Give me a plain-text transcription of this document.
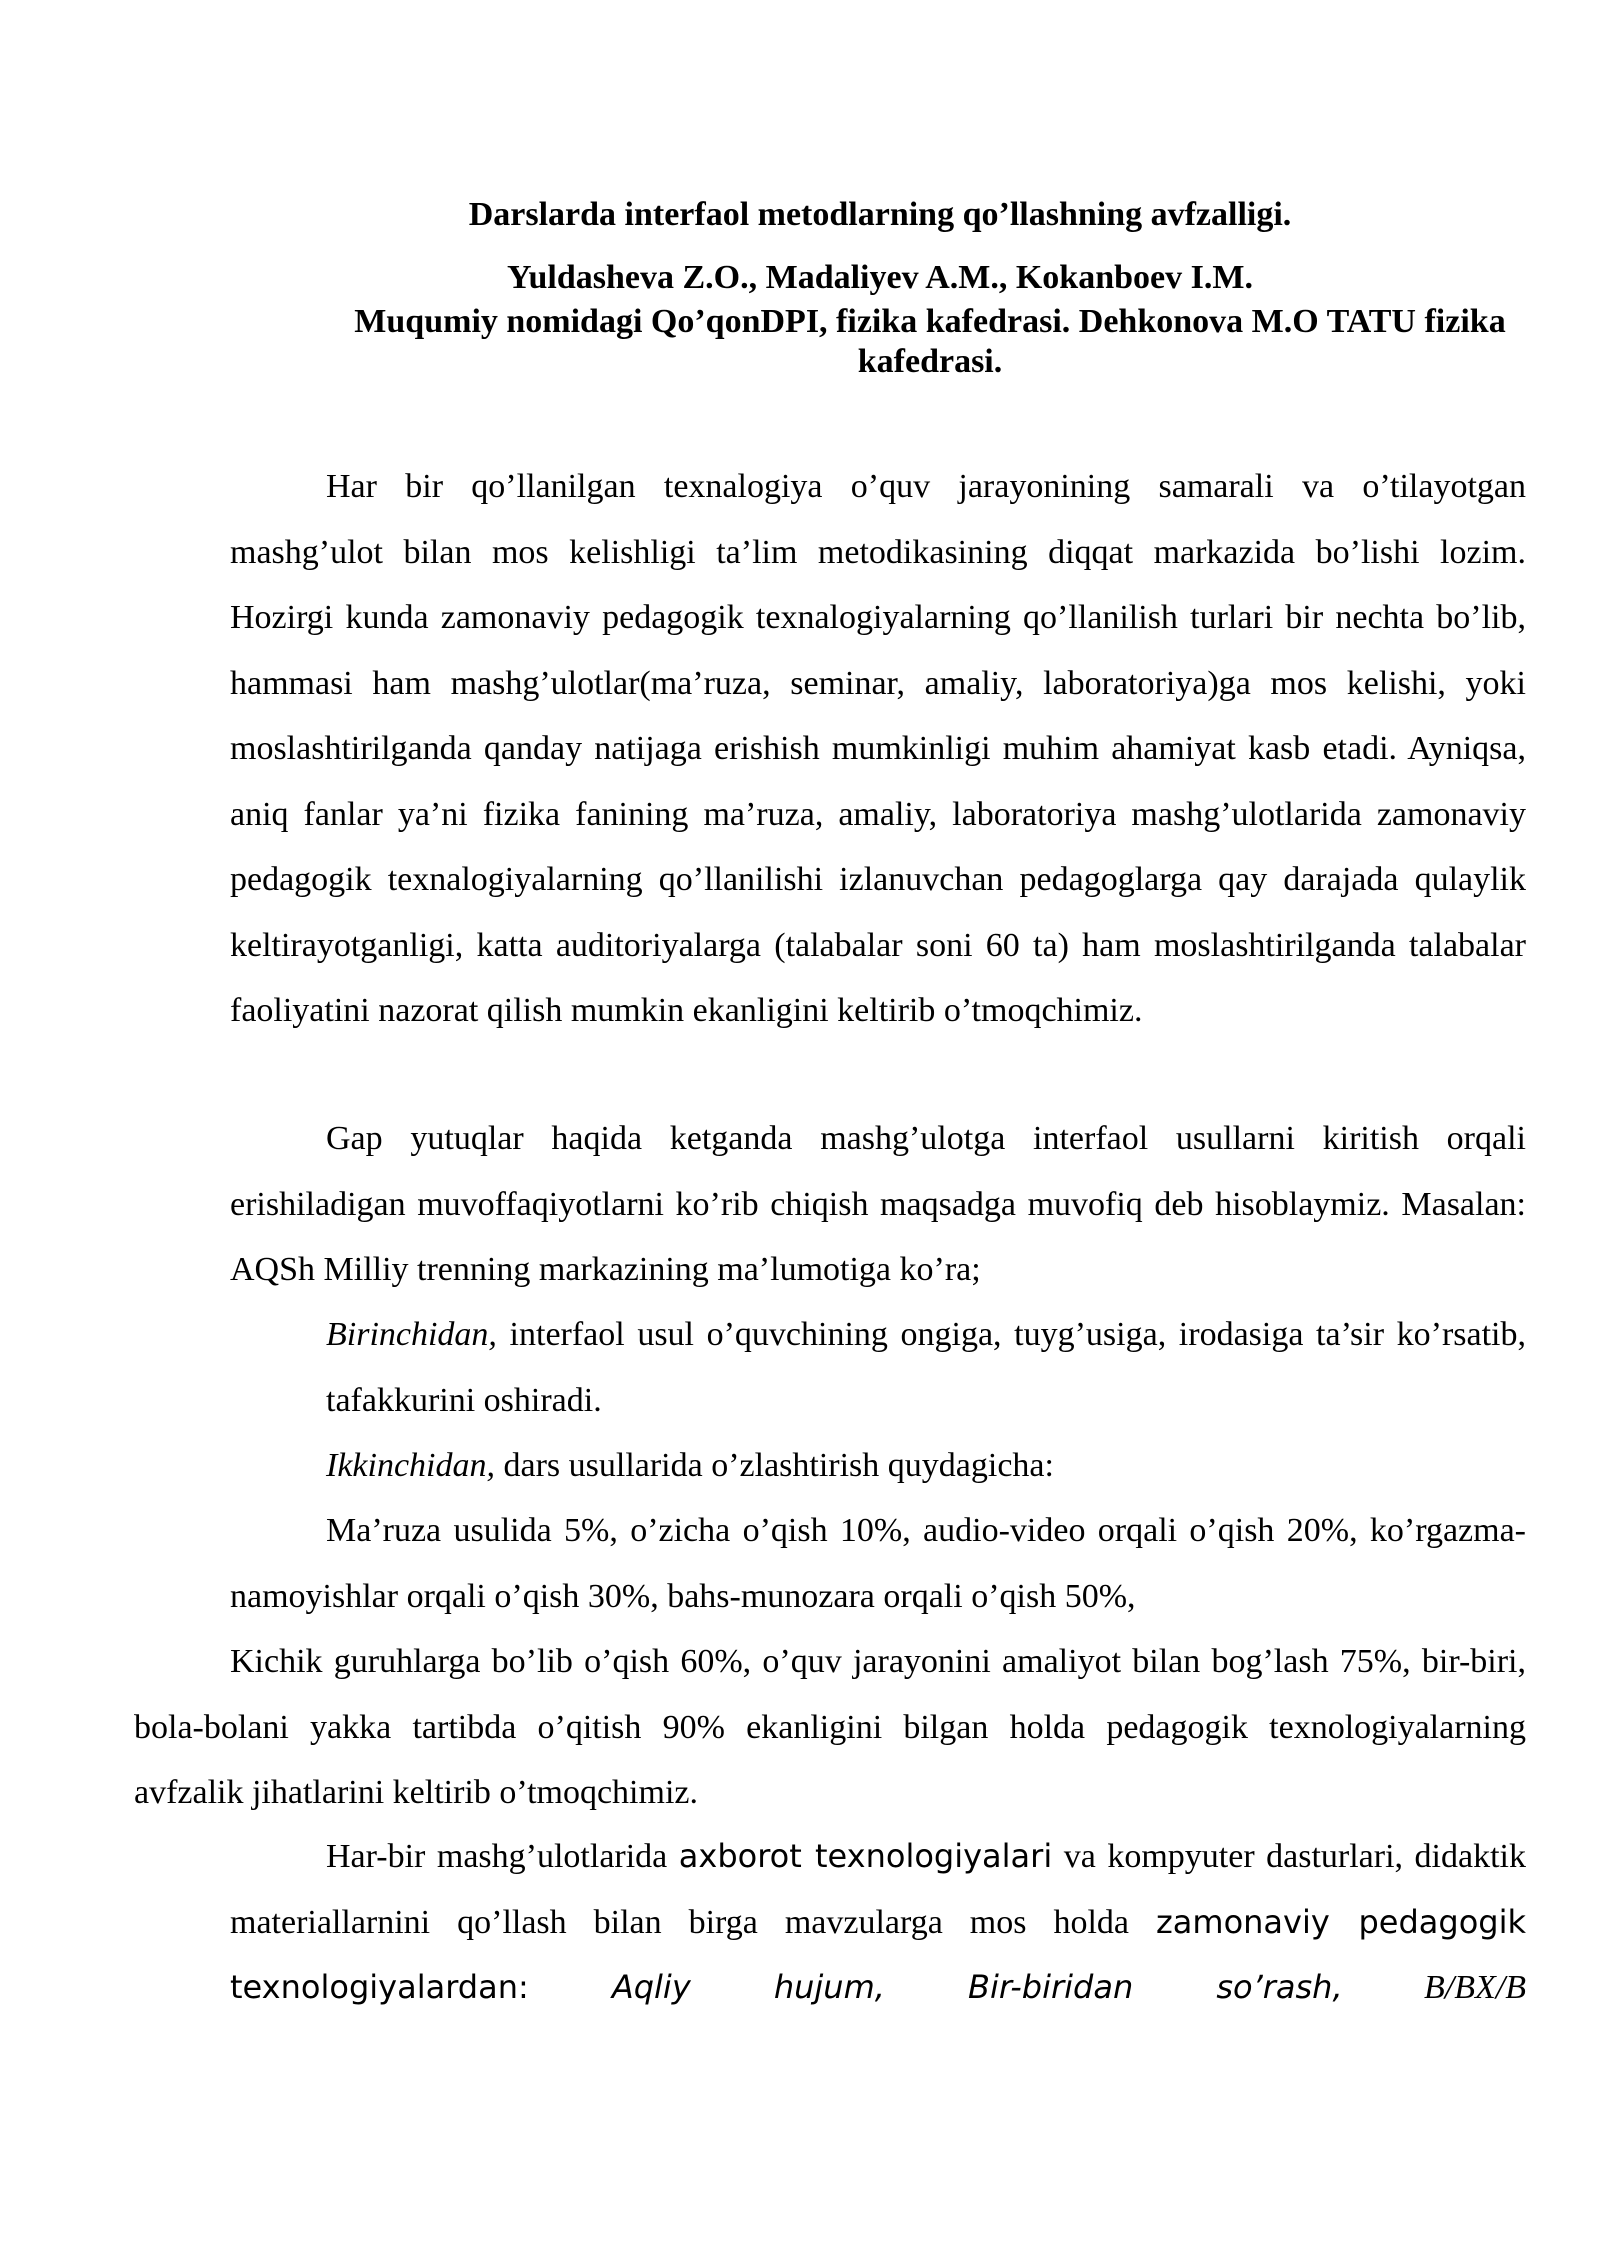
Darslarda interfaol metodlarning qo’llashning avfzalligi.
Yuldasheva Z.O., Madaliyev A.M., Kokanboev I.M.
Muqumiy nomidagi Qo’qonDPI, fizika kafedrasi. Dehkonova M.O TATU fizika kafedrasi.

Har bir qo’llanilgan texnalogiya o’quv jarayonining samarali va o’tilayotgan mashg’ulot bilan mos kelishligi ta’lim metodikasining diqqat markazida bo’lishi lozim. Hozirgi kunda zamonaviy pedagogik texnalogiyalarning qo’llanilish turlari bir nechta bo’lib, hammasi ham mashg’ulotlar(ma’ruza, seminar, amaliy, laboratoriya)ga mos kelishi, yoki moslashtirilganda qanday natijaga erishish mumkinligi muhim ahamiyat kasb etadi. Ayniqsa, aniq fanlar ya’ni fizika fanining ma’ruza, amaliy, laboratoriya mashg’ulotlarida zamonaviy pedagogik texnalogiyalarning qo’llanilishi izlanuvchan pedagoglarga qay darajada qulaylik keltirayotganligi, katta auditoriyalarga (talabalar soni 60 ta) ham moslashtirilganda talabalar faoliyatini nazorat qilish mumkin ekanligini keltirib o’tmoqchimiz.

Gap yutuqlar haqida ketganda mashg’ulotga interfaol usullarni kiritish orqali erishiladigan muvoffaqiyotlarni ko’rib chiqish maqsadga muvofiq deb hisoblaymiz. Masalan: AQSh Milliy trenning markazining ma’lumotiga ko’ra;

Birinchidan, interfaol usul o’quvchining ongiga, tuyg’usiga, irodasiga ta’sir ko’rsatib, tafakkurini oshiradi.

Ikkinchidan, dars usullarida o’zlashtirish quydagicha:

Ma’ruza usulida 5%, o’zicha o’qish 10%, audio-video orqali o’qish 20%, ko’rgazma-namoyishlar orqali o’qish 30%, bahs-munozara orqali o’qish 50%,
Kichik guruhlarga bo’lib o’qish 60%, o’quv jarayonini amaliyot bilan bog’lash 75%, bir-biri, bola-bolani yakka tartibda o’qitish 90% ekanligini bilgan holda pedagogik texnologiyalarning avfzalik jihatlarini keltirib o’tmoqchimiz.

Har-bir mashg’ulotlarida axborot texnologiyalari va kompyuter dasturlari, didaktik materiallarnini qo’llash bilan birga mavzularga mos holda zamonaviy pedagogik texnologiyalardan: Aqliy hujum, Bir-biridan so’rash, B/BX/B
